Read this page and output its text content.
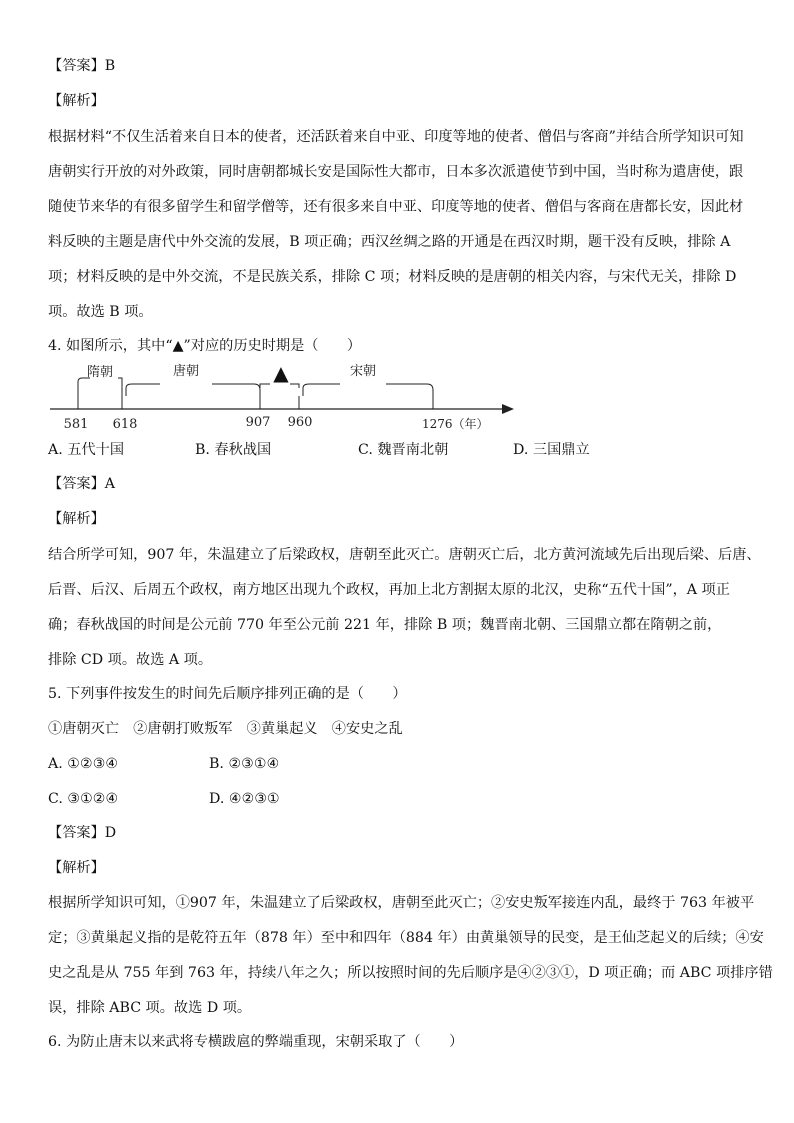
【答案】B
【解析】
根据材料“不仅生活着来自日本的使者，还活跃着来自中亚、印度等地的使者、僧侣与客商”并结合所学知识可知
唐朝实行开放的对外政策，同时唐朝都城长安是国际性大都市，日本多次派遣使节到中国，当时称为遣唐使，跟
随使节来华的有很多留学生和留学僧等，还有很多来自中亚、印度等地的使者、僧侣与客商在唐都长安，因此材
料反映的主题是唐代中外交流的发展，B 项正确；西汉丝绸之路的开通是在西汉时期，题干没有反映，排除 A
项；材料反映的是中外交流，不是民族关系，排除 C 项；材料反映的是唐朝的相关内容，与宋代无关，排除 D
项。故选 B 项。
4. 如图所示，其中“▲”对应的历史时期是（　　）
隋朝	唐朝	▲	宋朝
581 618	907 960	1276（年）
A. 五代十国	B. 春秋战国	C. 魏晋南北朝	D. 三国鼎立
【答案】A
【解析】
结合所学可知，907 年，朱温建立了后梁政权，唐朝至此灭亡。唐朝灭亡后，北方黄河流域先后出现后梁、后唐、
后晋、后汉、后周五个政权，南方地区出现九个政权，再加上北方割据太原的北汉，史称“五代十国”，A 项正
确；春秋战国的时间是公元前 770 年至公元前 221 年，排除 B 项；魏晋南北朝、三国鼎立都在隋朝之前，
排除 CD 项。故选 A 项。
5. 下列事件按发生的时间先后顺序排列正确的是（　　）
①唐朝灭亡　②唐朝打败叛军　③黄巢起义　④安史之乱
A. ①②③④	B. ②③①④
C. ③①②④	D. ④②③①
【答案】D
【解析】
根据所学知识可知，①907 年，朱温建立了后梁政权，唐朝至此灭亡；②安史叛军接连内乱，最终于 763 年被平
定；③黄巢起义指的是乾符五年（878 年）至中和四年（884 年）由黄巢领导的民变，是王仙芝起义的后续；④安
史之乱是从 755 年到 763 年，持续八年之久；所以按照时间的先后顺序是④②③①，D 项正确；而 ABC 项排序错
误，排除 ABC 项。故选 D 项。
6. 为防止唐末以来武将专横跋扈的弊端重现，宋朝采取了（　　）
